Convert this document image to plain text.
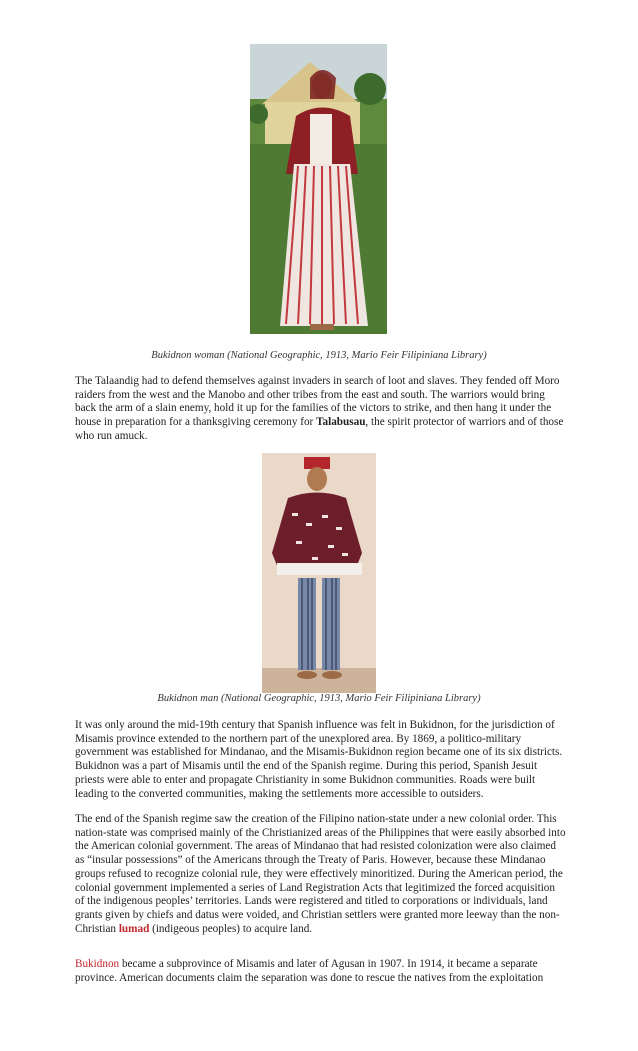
Bukidnon woman (National Geographic, 1913, Mario Feir Filipiniana Library)

The Talaandig had to defend themselves against invaders in search of loot and slaves. They fended off Moro raiders from the west and the Manobo and other tribes from the east and south. The warriors would bring back the arm of a slain enemy, hold it up for the families of the victors to strike, and then hang it under the house in preparation for a thanksgiving ceremony for Talabusau, the spirit protector of warriors and of those who run amuck.

Bukidnon man (National Geographic, 1913, Mario Feir Filipiniana Library)

It was only around the mid-19th century that Spanish influence was felt in Bukidnon, for the jurisdiction of Misamis province extended to the northern part of the unexplored area. By 1869, a politico-military government was established for Mindanao, and the Misamis-Bukidnon region became one of its six districts. Bukidnon was a part of Misamis until the end of the Spanish regime. During this period, Spanish Jesuit priests were able to enter and propagate Christianity in some Bukidnon communities. Roads were built leading to the converted communities, making the settlements more accessible to outsiders.

The end of the Spanish regime saw the creation of the Filipino nation-state under a new colonial order. This nation-state was comprised mainly of the Christianized areas of the Philippines that were easily absorbed into the American colonial government. The areas of Mindanao that had resisted colonization were also claimed as “insular possessions” of the Americans through the Treaty of Paris. However, because these Mindanao groups refused to recognize colonial rule, they were effectively minoritized. During the American period, the colonial government implemented a series of Land Registration Acts that legitimized the forced acquisition of the indigenous peoples’ territories. Lands were registered and titled to corporations or individuals, land grants given by chiefs and datus were voided, and Christian settlers were granted more leeway than the non-Christian lumad (indigeous peoples) to acquire land.

Bukidnon became a subprovince of Misamis and later of Agusan in 1907. In 1914, it became a separate province. American documents claim the separation was done to rescue the natives from the exploitation
